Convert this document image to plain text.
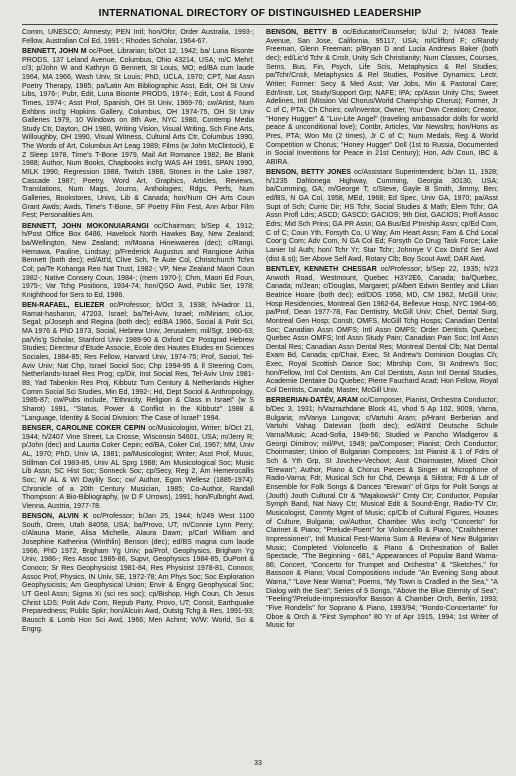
INTERNATIONAL DIRECTORY OF DISTINGUISHED LEADERSHIP

Comm, UNESCO; Amnesty; PEN Intl; hon/Ofcr, Order Australia, 1993-; Fellow, Australian Col Ed, 1991-; Rhodes Scholar, 1964-67.

BENNETT, JOHN M oc/Poet, Librarian; b/Oct 12, 1942; ba/ Luna Bisonte PRODS, 137 Leland Avenue, Columbus, Ohio 43214, USA; m/C Mehrl; c/3; p/John W and Kathryn G Bennett, St Louis, MO; ed/BA cum laude 1964, MA 1966, Wash Univ, St Louis; PhD, UCLA, 1970; CPT, Nat Assn Poetry Therapy, 1985; pa/Latin Am Bibliographic Asst, Edit, OH St Univ Libs, 1976-; Pubr, Edit, Luna Bisonte PRODS, 1974-; Edit, Lost & Found Times, 1974-; Asst Prof, Spanish, OH St Univ, 1969-76; cw/Artist, Num Exhbns incl'g Hopkins Gallery, Columbus, OH 1974-75, OH St Univ Galleries 1979, 10 Windows on 8th Ave, NYC 1980, Contemp Media Study Ctr, Dayton, OH 1980, Writing Vision, Visual Writing, Sch Fine Arts, Willoughby, OH 1990, Visual Witness, Cultural Arts Ctr, Columbus 1990, The Words of Art, Columbus Art Leag 1989; Films (w John McClintock), E Z Sleep 1978, Time's T-Bone 1979, Mail Art Romance 1982, Be Blank 1988; Author, Num Books, Chapbooks incl'g WAS AH 1991, SPAN 1990, MILK 1990, Regression 1988, Twitch 1988, Stones in the Lake 1987, Cascade 1987; Poetry, Word Art, Graphics, Articles, Reviews, Translations, Num Mags, Journs, Anthologies; Rdgs, Perfs, Num Galleries, Bookstores, Univs, Lib & Canada; hon/Num OH Arts Coun Grant Awds; Awds, Time's T-Bone, SF Poetry Film Fest, Ann Arbor Film Fest; Personalities Am.

BENNETT, JOHN MOKONUIARANGI oc/Chairman; b/Sep 4, 1912; h/Post Office Box 6486, Havelock North Hawkes Bay, New Zealand; ba/Wellington, New Zealand; m/Moana Hineiwaerea (dec); c/Rangi, Hemawa, Pauline, Lindsay; p/Frederick Augustus and Rangiose Arihia Bennett (both dec); ed/Att'd, Clive Sch, Te Aute Col, Christchurch Tchrs Col; pa/Te Kohanga Reo Nat Trust, 1982-; VP, New Zealand Maori Coun 1982-; Native Consery Coun, 1984-; (mem 1970-); Chm, Maori Ed Foun, 1975-; Var Tchg Positions, 1934-74; hon/QSO Awd, Public Ser, 1978; Knighthood for Sers to Ed, 1986.

BEN-RAFAEL, ELIEZER oc/Professor; b/Oct 3, 1938; h/Hadror 11, Ramat-hasharon, 47203, Israel; ba/Tel-Aviv, Israel; m/Miriam; c/Lior, Segal; p/Joseph and Regina (both dec); ed/BA 1966, Social & Polit Sci, MA 1976 & PhD 1973, Social, Hebrew Univ, Jerusalem; mil/Sgt, 1960-63; pa/Vis'g Scholar, Stanford Univ 1989-90 & Oxford Ctr Postgrad Hebrew Studies; Directeur d'Etude Associe, Ecole des Hautes Etudes en Sciences Sociales, 1984-85; Res Fellow, Harvard Univ, 1974-75; Prof, Sociol, Tel-Aviv Univ; Nat Chp, Israel Sociol Soc; Chp 1994-95 & Il Steering Com, Netherlands-Israel Res Prog; cp/Dir, Inst Social Res, Tel-Aviv Univ 1981-89, Yad Tabenkin Res Proj, Kibbutz Turn Century & Netherlands Higher Comm Social Sci Studies, Min Ed, 1992-; Hd, Dept Sociol & Anthropology, 1985-87; cw/Pubs include, "Ethnicity, Religion & Class in Israel" (w S Sharot) 1991, "Status, Power & Conflict in the Kibbutz" 1988 & "Language, Identity & Social Division: The Case of Israel" 1994.

BENSER, CAROLINE COKER CEPIN oc/Musicologist, Writer; b/Oct 21, 1944; h/2407 Vine Street, La Crosse, Wisconsin 54601, USA; m/Jerry R; p/John (dec) and Laurita Coker Cepin; ed/BA, Coker Col, 1967; MM, Univ AL, 1970; PhD, Univ IA, 1981; pa/Musicologist; Writer; Asst Prof, Music, Stillman Col 1983-85, Univ AL Sprg 1988; Am Musicological Soc; Music Lib Assn; SC Hist Soc; Sonneck Soc; cp/Secy, Reg 2, Am Hemerocallis Soc; W AL & WI Daylily Soc; cw/ Author, Egon Wellesz (1885-1974): Chronicle of a 20th Century Musician, 1985; Co-Author, Randall Thompson: A Bio-Bibliography, (w D F Urrows), 1991; hon/Fulbright Awd, Vienna, Austria, 1977-78.

BENSON, ALVIN K oc/Professor; b/Jan 25, 1944; h/249 West 1100 South, Orem, Utah 84058, USA; ba/Provo, UT; m/Connie Lynn Perry; c/Alauna Marie, Alisa Michelle, Alaura Dawn; p/Carl William and Josephine Katherina (Winthlin) Benson (dec); ed/BS magna cum laude 1966, PhD 1972, Brigham Yg Univ; pa/Prof, Geophysics, Brigham Yg Univ, 1986-; Res Assoc 1985-86, Supvr, Geophysics 1984-85, DuPont & Conoco; Sr Res Geophysicist 1981-84, Res Physicist 1978-81, Conoco; Assoc Prof, Physics, IN Univ, SE, 1972-78; Am Phys Soc; Soc Exploration Geophysicists; Am Geophysical Union; Envir & Engrg Geophysical Soc; UT Geol Assn; Sigma Xi (sci res soc); cp/Bishop, High Coun, Ch Jesus Christ LDS; Polit Adv Com, Repub Party, Provo, UT; Consit, Earthquake Preparedness; Public Spkr; hon/Alcuin Awd, Outstg Tchg & Res, 1991-93; Bausch & Lomb Hon Sci Awd, 1966; Men Achmt; W/W: World, Sci & Engrg.

BENSON, BETTY B oc/Educator/Counselor; b/Jul 2; h/4083 Teale Avenue, San Jose, California, 95117, USA; m/Clifford F; c/Randy Freeman, Glenn Freeman; p/Bryan D and Lucia Andrews Baker (both dec); ed/Lic'd Tchr & Cnslr, Unity Sch Christianity; Num Classes, Courses, Sems, Bus, Fin, Psych, Life Scis, Metaphysics & Rel Studies; pa/Tchr/Cnslr, Metaphysics & Rel Studies, Positive Dynamics; Lectr, Writer; Former: Secy & Med Asst; Var Jobs, Min & Pastoral Care; Edr/Instr, Lot, Study/Support Grp; NAFE; IPA; cp/Assn Unity Chs; Sweet Adelines, Intl (Mission Val Chorus/World Champ'ship Chorus); Former, Jr C of C, PTA; Ch Choirs; cw/Inventor, Owner, Your Own Creation; Creator, "Honey Hugger" & "Luv-Lite Angel" (traveling ambassador dolls for world peace & unconditional love); Contbr, Articles, Var Newsltrs; hon/Hons as Pres, PTA; Won Mo (2 times), Jr C of C; Num Medals, Reg & World Competition w Chorus; "Honey Hugger" Doll (1st to Russia, Documented in Social Inventions for Peace in 21st Century); Hon, Adv Coun, IBC & ABIRA.

BENSON, BETTY JONES oc/Assistant Superintendent; b/Jan 11, 1928; h/1235 Dahlonega Highway, Cumming, Georgia 30130, USA; ba/Cumming, GA; m/George T; c/Steve, Gayle B Smith, Jimmy, Ben; ed/BS, N GA Col, 1958, MEd, 1968; Ed Spec, Univ GA, 1970; pa/Asst Supt of Sch; Curric Dir; HS Tchr, Social Studies & Math; Elem Tchr; GA Assn Profl Ldrs; ASCD; GASCD; GACIOS; 9th Dist, GACIOS; Profl Assoc Edrs; Mid Sch Prins; GA PR Assn; GA Bus/Ed P'tnrship Assn; cp/Ed Com, C of C; Coun Yth, Forsyth Co, U Way; Am Heart Assn; Fam & Chd Local Coor'g Com; Adv Com, N GA Col Ed; Forsyth Co Drug Task Force; Lake Lanier Isl Auth; hon/ Tchr Yr; Star Tchr; Johnnye V Cox Dist'd Ser Awd (dist & st); Ser Above Self Awd, Rotary Clb; Boy Scout Awd; DAR Awd.

BENTLEY, KENNETH CHESSAR oc/Professor; b/Sep 22, 1935; h/23 Anwoth Road, Westmount, Quebec H3Y2E6, Canada; ba/Quebec, Canada; m/Jean; c/Douglas, Margaret; p/Albert Edwin Bentley and Lilian Beatrice Hoare (both dec); ed/DDS 1958, MD, CM 1962, McGill Univ; Hosp Residencies, Montreal Gen 1962-64, Bellevue Hosp, NYC 1964-66; pa/Prof, Dean 1977-78, Fac Dentistry, McGill Univ; Chief, Dental Surg, Montreal Gen Hosp; Conslt, OMFS, McGill Tchg Hosps; Canadian Dental Soc; Canadian Assn OMFS; Intl Assn OMFS; Order Dentists Quebec; Quebec Assn OMFS; Intl Assn Study Pain; Canadian Pain Soc; Intl Assn Dental Res; Canadian Assn Dental Res; Montreal Dental Clb; Nat Dental Exam Bd, Canada; cp/Chair, Exec, St Andrew's Dominion Douglas Ch; Exec, Royal Scottish Dance Soc; Mbrship Com, St Andrew's Soc; hon/Fellow, Intl Col Dentists, Am Col Dentists, Assn Intl Dental Studies, Academie Dentaire Du Quebec; Pierre Fauchard Acad; Hon Fellow, Royal Col Dentists, Canada; Master, McGill Univ.

BERBERIAN-DATÈV, ARAM oc/Composer, Pianist, Orchestra Conductor; b/Dec 3, 1931; h/Vazrazhdane Block 41, vhod 5 Ap 102, 9009, Varna, Bulgaria; m/Vanya Lungova; c/Vartuhi Aram; p/Hrant Berberian and Vartuhi Vahag Datevian (both dec); ed/Att'd Deutsche Schule Varna/Music; Acad-Sofia, 1949-56; Studied w Pancho Wladigerov & Georgi Dimitrov; mil/Pvt, 1949; pa/Composer; Pianist; Orch Conductor; Choirmaster; Union of Bulgarian Composers; 1st Pianist & 1 of Fdrs of Sch & Yth Grp, St Jovchev-Vechovt; Asst Choirmaster, Mixed Choir "Erewan"; Author, Piano & Chorus Pieces & Singer at Microphone of Radio-Varna; Fdr, Musical Sch for Chd, Dewnja & Silistra; Fdr & Ldr of Ensemble for Folk Songs & Dances "Erewan" of Grps for Polit Songs at (Jouth) Jouth Cultural Ctr & "Majakowski" Cmty Ctr; Conductor, Popular Symph Band, Nat Navy Ctr; Musical Edit & Sound-Engr, Radio-TV Ctr; Musicologist, Conmty Mgmt of Music; cp/Clb of Cultural Figures, Houses of Culture, Bulgaria; cw/Author, Chamber Wks incl'g "Concerto" for Clarinet & Piano; "Prelude-Poem" for Violoncello & Piano, "Crailsheimer Impressionen", Intl Musical Fest-Warna Sum & Review of New Bulgarian Music; Completed Violoncello & Piano & Orchestration of Ballet Spectacle, "The Beginning - 681," Appearances of Popular Band Warna-86; Concert, "Concerto for Trumpet and Orchestra" & "Sketches," for Bassoon & Piano; Vocal Compositions include "An Evening Song about Warna," "Love Near Warna"; Poems, "My Town is Cradled in the Sea," "A Dialog with the Sea"; Series of 9 Songs, "Above the Blue Eternity of Sea"; "Feeling"/Prelude-Impression/for Basson & Chamber Orch, Berlin, 1993; "Five Rondelis" for Soprano & Piano, 1993/94; "Rondo-Concertante" for Oboe & Orch & "First Symphon" 80 Yr of Apr 1915, 1994; 1st Writer of Music for

33
